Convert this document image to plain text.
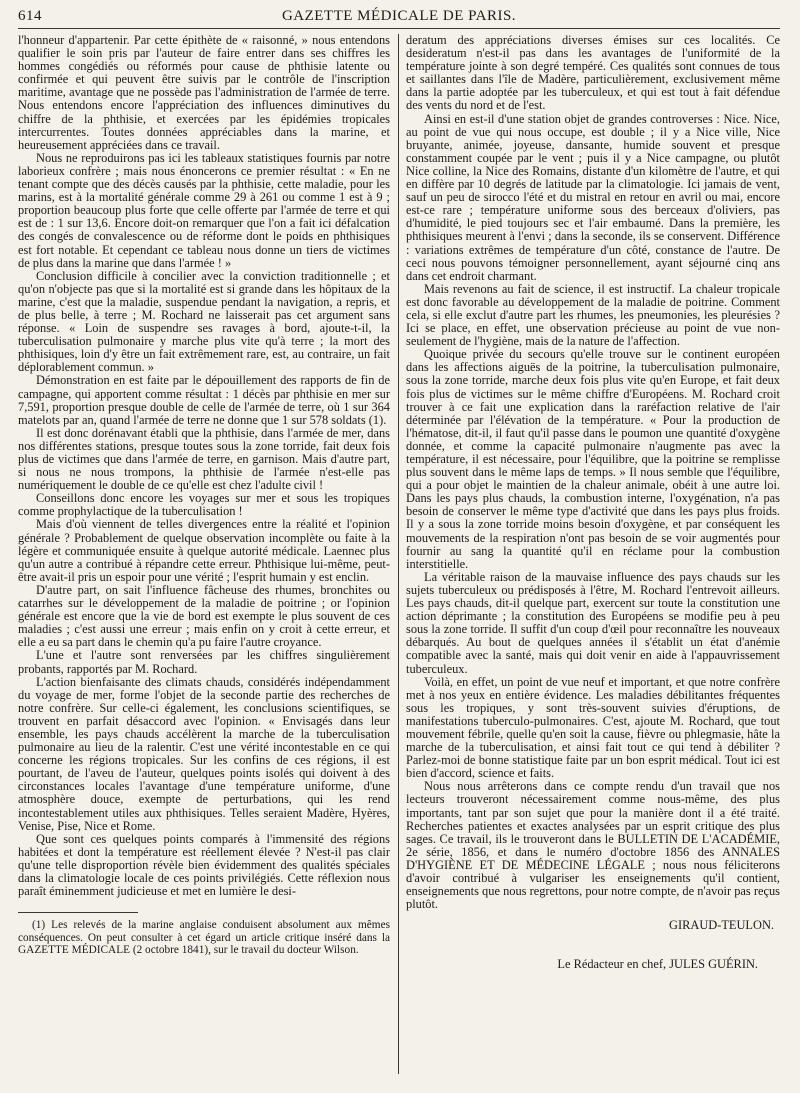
614	GAZETTE MÉDICALE DE PARIS.

l'honneur d'appartenir. Par cette épithète de « raisonné, » nous entendons qualifier le soin pris par l'auteur de faire entrer dans ses chiffres les hommes congédiés ou réformés pour cause de phthisie latente ou confirmée et qui peuvent être suivis par le contrôle de l'inscription maritime, avantage que ne possède pas l'administration de l'armée de terre. Nous entendons encore l'appréciation des influences diminutives du chiffre de la phthisie, et exercées par les épidémies tropicales intercurrentes. Toutes données appréciables dans la marine, et heureusement appréciées dans ce travail.

Nous ne reproduirons pas ici les tableaux statistiques fournis par notre laborieux confrère ; mais nous énoncerons ce premier résultat : « En ne tenant compte que des décès causés par la phthisie, cette maladie, pour les marins, est à la mortalité générale comme 29 à 261 ou comme 1 est à 9 ; proportion beaucoup plus forte que celle offerte par l'armée de terre et qui est de : 1 sur 13,6. Encore doit-on remarquer que l'on a fait ici défalcation des congés de convalescence ou de réforme dont le poids en phthisiques est fort notable. Et cependant ce tableau nous donne un tiers de victimes de plus dans la marine que dans l'armée ! »

Conclusion difficile à concilier avec la conviction traditionnelle ; et qu'on n'objecte pas que si la mortalité est si grande dans les hôpitaux de la marine, c'est que la maladie, suspendue pendant la navigation, a repris, et de plus belle, à terre ; M. Rochard ne laisserait pas cet argument sans réponse. « Loin de suspendre ses ravages à bord, ajoute-t-il, la tuberculisation pulmonaire y marche plus vite qu'à terre ; la mort des phthisiques, loin d'y être un fait extrêmement rare, est, au contraire, un fait déplorablement commun. »

Démonstration en est faite par le dépouillement des rapports de fin de campagne, qui apportent comme résultat : 1 décès par phthisie en mer sur 7,591, proportion presque double de celle de l'armée de terre, où 1 sur 364 matelots par an, quand l'armée de terre ne donne que 1 sur 578 soldats (1).

Il est donc dorénavant établi que la phthisie, dans l'armée de mer, dans nos différentes stations, presque toutes sous la zone torride, fait deux fois plus de victimes que dans l'armée de terre, en garnison. Mais d'autre part, si nous ne nous trompons, la phthisie de l'armée n'est-elle pas numériquement le double de ce qu'elle est chez l'adulte civil !

Conseillons donc encore les voyages sur mer et sous les tropiques comme prophylactique de la tuberculisation !

Mais d'où viennent de telles divergences entre la réalité et l'opinion générale ? Probablement de quelque observation incomplète ou faite à la légère et communiquée ensuite à quelque autorité médicale. Laennec plus qu'un autre a contribué à répandre cette erreur. Phthisique lui-même, peut-être avait-il pris un espoir pour une vérité ; l'esprit humain y est enclin.

D'autre part, on sait l'influence fâcheuse des rhumes, bronchites ou catarrhes sur le développement de la maladie de poitrine ; or l'opinion générale est encore que la vie de bord est exempte le plus souvent de ces maladies ; c'est aussi une erreur ; mais enfin on y croit à cette erreur, et elle a eu sa part dans le chemin qu'a pu faire l'autre croyance.

L'une et l'autre sont renversées par les chiffres singulièrement probants, rapportés par M. Rochard.

L'action bienfaisante des climats chauds, considérés indépendamment du voyage de mer, forme l'objet de la seconde partie des recherches de notre confrère. Sur celle-ci également, les conclusions scientifiques, se trouvent en parfait désaccord avec l'opinion. « Envisagés dans leur ensemble, les pays chauds accélèrent la marche de la tuberculisation pulmonaire au lieu de la ralentir. C'est une vérité incontestable en ce qui concerne les régions tropicales. Sur les confins de ces régions, il est pourtant, de l'aveu de l'auteur, quelques points isolés qui doivent à des circonstances locales l'avantage d'une température uniforme, d'une atmosphère douce, exempte de perturbations, qui les rend incontestablement utiles aux phthisiques. Telles seraient Madère, Hyères, Venise, Pise, Nice et Rome.

Que sont ces quelques points comparés à l'immensité des régions habitées et dont la température est réellement élevée ? N'est-il pas clair qu'une telle disproportion révèle bien évidemment des qualités spéciales dans la climatologie locale de ces points privilégiés. Cette réflexion nous paraît éminemment judicieuse et met en lumière le desi-

(1) Les relevés de la marine anglaise conduisent absolument aux mêmes conséquences. On peut consulter à cet égard un article critique inséré dans la GAZETTE MÉDICALE (2 octobre 1841), sur le travail du docteur Wilson.

deratum des appréciations diverses émises sur ces localités. Ce desideratum n'est-il pas dans les avantages de l'uniformité de la température jointe à son degré tempéré. Ces qualités sont connues de tous et saillantes dans l'île de Madère, particulièrement, exclusivement même dans la partie adoptée par les tuberculeux, et qui est tout à fait défendue des vents du nord et de l'est.

Ainsi en est-il d'une station objet de grandes controverses : Nice. Nice, au point de vue qui nous occupe, est double ; il y a Nice ville, Nice bruyante, animée, joyeuse, dansante, humide souvent et presque constamment coupée par le vent ; puis il y a Nice campagne, ou plutôt Nice colline, la Nice des Romains, distante d'un kilomètre de l'autre, et qui en diffère par 10 degrés de latitude par la climatologie. Ici jamais de vent, sauf un peu de sirocco l'été et du mistral en retour en avril ou mai, encore est-ce rare ; température uniforme sous des berceaux d'oliviers, pas d'humidité, le pied toujours sec et l'air embaumé. Dans la première, les phthisiques meurent à l'envi ; dans la seconde, ils se conservent. Différence : variations extrêmes de température d'un côté, constance de l'autre. De ceci nous pouvons témoigner personnellement, ayant séjourné cinq ans dans cet endroit charmant.

Mais revenons au fait de science, il est instructif. La chaleur tropicale est donc favorable au développement de la maladie de poitrine. Comment cela, si elle exclut d'autre part les rhumes, les pneumonies, les pleurésies ? Ici se place, en effet, une observation précieuse au point de vue non-seulement de l'hygiène, mais de la nature de l'affection.

Quoique privée du secours qu'elle trouve sur le continent européen dans les affections aiguës de la poitrine, la tuberculisation pulmonaire, sous la zone torride, marche deux fois plus vite qu'en Europe, et fait deux fois plus de victimes sur le même chiffre d'Européens. M. Rochard croit trouver à ce fait une explication dans la raréfaction relative de l'air déterminée par l'élévation de la température. « Pour la production de l'hématose, dit-il, il faut qu'il passe dans le poumon une quantité d'oxygène donnée, et comme la capacité pulmonaire n'augmente pas avec la température, il est nécessaire, pour l'équilibre, que la poitrine se remplisse plus souvent dans le même laps de temps. » Il nous semble que l'équilibre, qui a pour objet le maintien de la chaleur animale, obéit à une autre loi. Dans les pays plus chauds, la combustion interne, l'oxygénation, n'a pas besoin de conserver le même type d'activité que dans les pays plus froids. Il y a sous la zone torride moins besoin d'oxygène, et par conséquent les mouvements de la respiration n'ont pas besoin de se voir augmentés pour fournir au sang la quantité qu'il en réclame pour la combustion interstitielle.

La véritable raison de la mauvaise influence des pays chauds sur les sujets tuberculeux ou prédisposés à l'être, M. Rochard l'entrevoit ailleurs. Les pays chauds, dit-il quelque part, exercent sur toute la constitution une action déprimante ; la constitution des Européens se modifie peu à peu sous la zone torride. Il suffit d'un coup d'œil pour reconnaître les nouveaux débarqués. Au bout de quelques années il s'établit un état d'anémie compatible avec la santé, mais qui doit venir en aide à l'appauvrissement tuberculeux.

Voilà, en effet, un point de vue neuf et important, et que notre confrère met à nos yeux en entière évidence. Les maladies débilitantes fréquentes sous les tropiques, y sont très-souvent suivies d'éruptions, de manifestations tuberculo-pulmonaires. C'est, ajoute M. Rochard, que tout mouvement fébrile, quelle qu'en soit la cause, fièvre ou phlegmasie, hâte la marche de la tuberculisation, et ainsi fait tout ce qui tend à débiliter ? Parlez-moi de bonne statistique faite par un bon esprit médical. Tout ici est bien d'accord, science et faits.

Nous nous arrêterons dans ce compte rendu d'un travail que nos lecteurs trouveront nécessairement comme nous-même, des plus importants, tant par son sujet que pour la manière dont il a été traité. Recherches patientes et exactes analysées par un esprit critique des plus sages. Ce travail, ils le trouveront dans le BULLETIN DE L'ACADÉMIE, 2e série, 1856, et dans le numéro d'octobre 1856 des ANNALES D'HYGIÈNE ET DE MÉDECINE LÉGALE ; nous nous féliciterons d'avoir contribué à vulgariser les enseignements qu'il contient, enseignements que nous regrettons, pour notre compte, de n'avoir pas reçus plutôt.

GIRAUD-TEULON.

Le Rédacteur en chef, JULES GUÉRIN.
